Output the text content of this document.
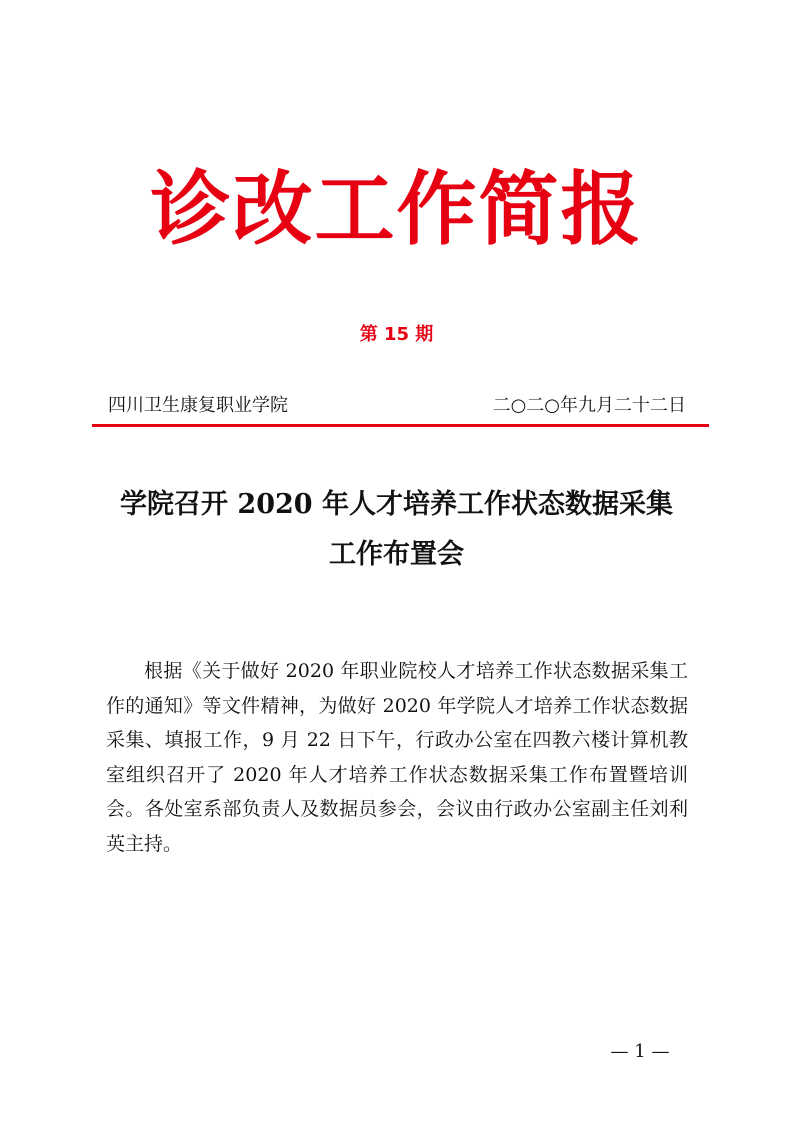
诊改工作简报
第 15 期
四川卫生康复职业学院	二○二○年九月二十二日
学院召开 2020 年人才培养工作状态数据采集
工作布置会

根据《关于做好 2020 年职业院校人才培养工作状态数据采集工作的通知》等文件精神，为做好 2020 年学院人才培养工作状态数据采集、填报工作，9 月 22 日下午，行政办公室在四教六楼计算机教室组织召开了 2020 年人才培养工作状态数据采集工作布置暨培训会。各处室系部负责人及数据员参会，会议由行政办公室副主任刘利英主持。

— 1 —
